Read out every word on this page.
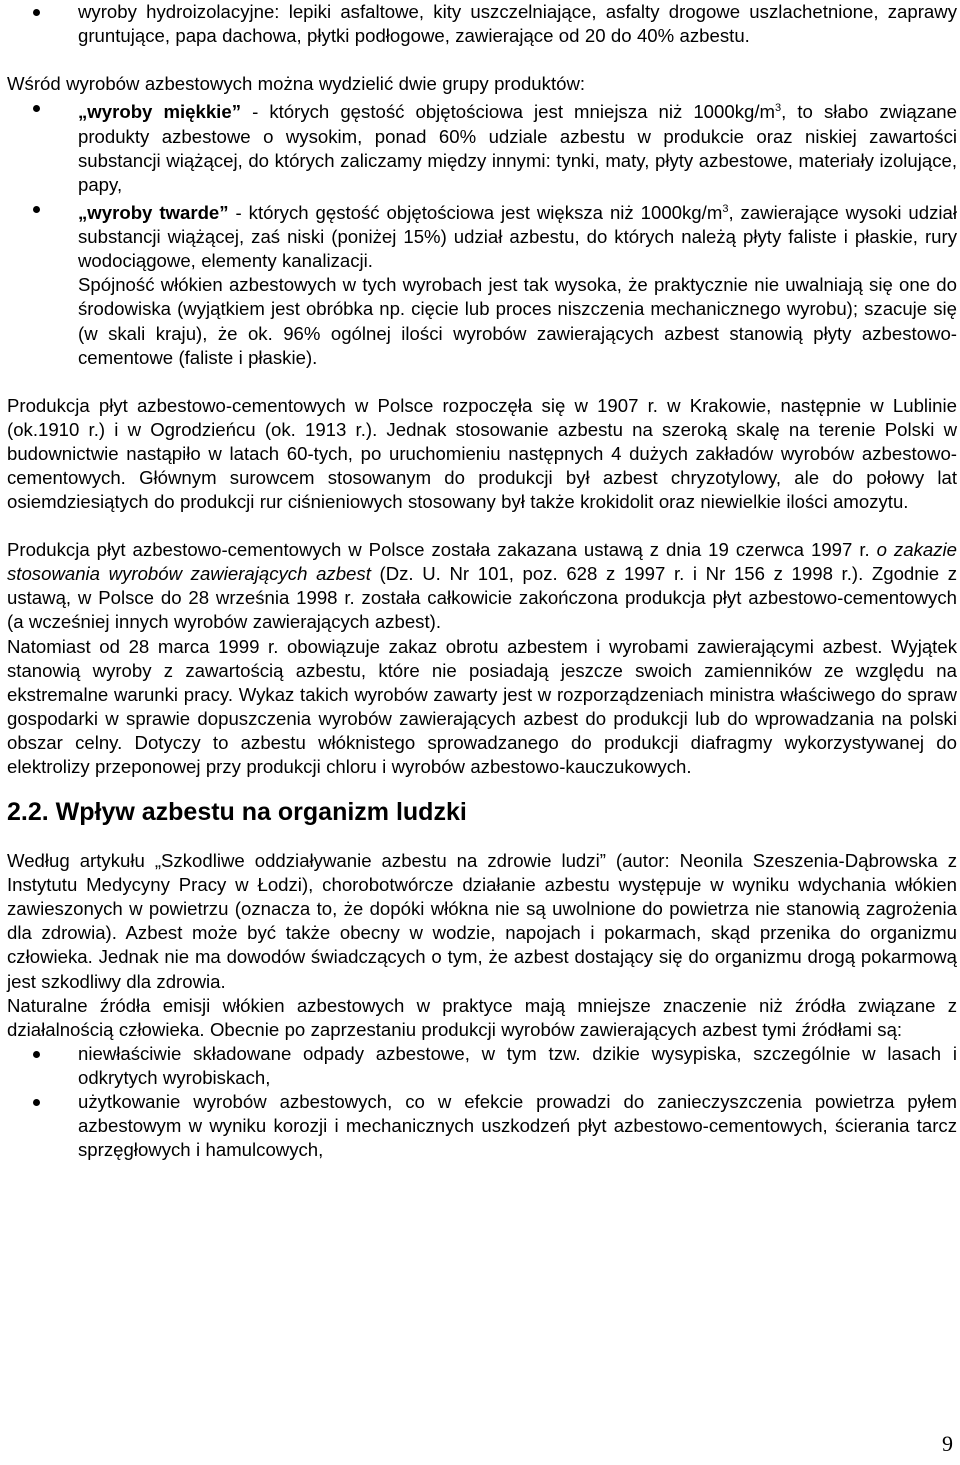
wyroby hydroizolacyjne: lepiki asfaltowe, kity uszczelniające, asfalty drogowe uszlachetnione, zaprawy gruntujące, papa dachowa, płytki podłogowe, zawierające od 20 do 40% azbestu.

Wśród wyrobów azbestowych można wydzielić dwie grupy produktów:

„wyroby miękkie” - których gęstość objętościowa jest mniejsza niż $1000kg/m^3$, to słabo związane produkty azbestowe o wysokim, ponad 60% udziale azbestu w produkcie oraz niskiej zawartości substancji wiążącej, do których zaliczamy między innymi: tynki, maty, płyty azbestowe, materiały izolujące, papy,
„wyroby twarde” - których gęstość objętościowa jest większa niż $1000kg/m^3$, zawierające wysoki udział substancji wiążącej, zaś niski (poniżej 15%) udział azbestu, do których należą płyty faliste i płaskie, rury wodociągowe, elementy kanalizacji.

Spójność włókien azbestowych w tych wyrobach jest tak wysoka, że praktycznie nie uwalniają się one do środowiska (wyjątkiem jest obróbka np. cięcie lub proces niszczenia mechanicznego wyrobu); szacuje się (w skali kraju), że ok. 96% ogólnej ilości wyrobów zawierających azbest stanowią płyty azbestowo-cementowe (faliste i płaskie).

Produkcja płyt azbestowo-cementowych w Polsce rozpoczęła się w 1907 r. w Krakowie, następnie w Lublinie (ok.1910 r.) i w Ogrodzieńcu (ok. 1913 r.). Jednak stosowanie azbestu na szeroką skalę na terenie Polski w budownictwie nastąpiło w latach 60-tych, po uruchomieniu następnych 4 dużych zakładów wyrobów azbestowo-cementowych. Głównym surowcem stosowanym do produkcji był azbest chryzotylowy, ale do połowy lat osiemdziesiątych do produkcji rur ciśnieniowych stosowany był także krokidolit oraz niewielkie ilości amozytu.

Produkcja płyt azbestowo-cementowych w Polsce została zakazana ustawą z dnia 19 czerwca 1997 r. o zakazie stosowania wyrobów zawierających azbest (Dz. U. Nr 101, poz. 628 z 1997 r. i Nr 156 z 1998 r.). Zgodnie z ustawą, w Polsce do 28 września 1998 r. została całkowicie zakończona produkcja płyt azbestowo-cementowych (a wcześniej innych wyrobów zawierających azbest).

Natomiast od 28 marca 1999 r. obowiązuje zakaz obrotu azbestem i wyrobami zawierającymi azbest. Wyjątek stanowią wyroby z zawartością azbestu, które nie posiadają jeszcze swoich zamienników ze względu na ekstremalne warunki pracy. Wykaz takich wyrobów zawarty jest w rozporządzeniach ministra właściwego do spraw gospodarki w sprawie dopuszczenia wyrobów zawierających azbest do produkcji lub do wprowadzania na polski obszar celny. Dotyczy to azbestu włóknistego sprowadzanego do produkcji diafragmy wykorzystywanej do elektrolizy przeponowej przy produkcji chloru i wyrobów azbestowo-kauczukowych.

2.2. Wpływ azbestu na organizm ludzki

Według artykułu „Szkodliwe oddziaływanie azbestu na zdrowie ludzi” (autor: Neonila Szeszenia-Dąbrowska z Instytutu Medycyny Pracy w Łodzi), chorobotwórcze działanie azbestu występuje w wyniku wdychania włókien zawieszonych w powietrzu (oznacza to, że dopóki włókna nie są uwolnione do powietrza nie stanowią zagrożenia dla zdrowia). Azbest może być także obecny w wodzie, napojach i pokarmach, skąd przenika do organizmu człowieka. Jednak nie ma dowodów świadczących o tym, że azbest dostający się do organizmu drogą pokarmową jest szkodliwy dla zdrowia.

Naturalne źródła emisji włókien azbestowych w praktyce mają mniejsze znaczenie niż źródła związane z działalnością człowieka. Obecnie po zaprzestaniu produkcji wyrobów zawierających azbest tymi źródłami są:

niewłaściwie składowane odpady azbestowe, w tym tzw. dzikie wysypiska, szczególnie w lasach i odkrytych wyrobiskach,
użytkowanie wyrobów azbestowych, co w efekcie prowadzi do zanieczyszczenia powietrza pyłem azbestowym w wyniku korozji i mechanicznych uszkodzeń płyt azbestowo-cementowych, ścierania tarcz sprzęgłowych i hamulcowych,
9
